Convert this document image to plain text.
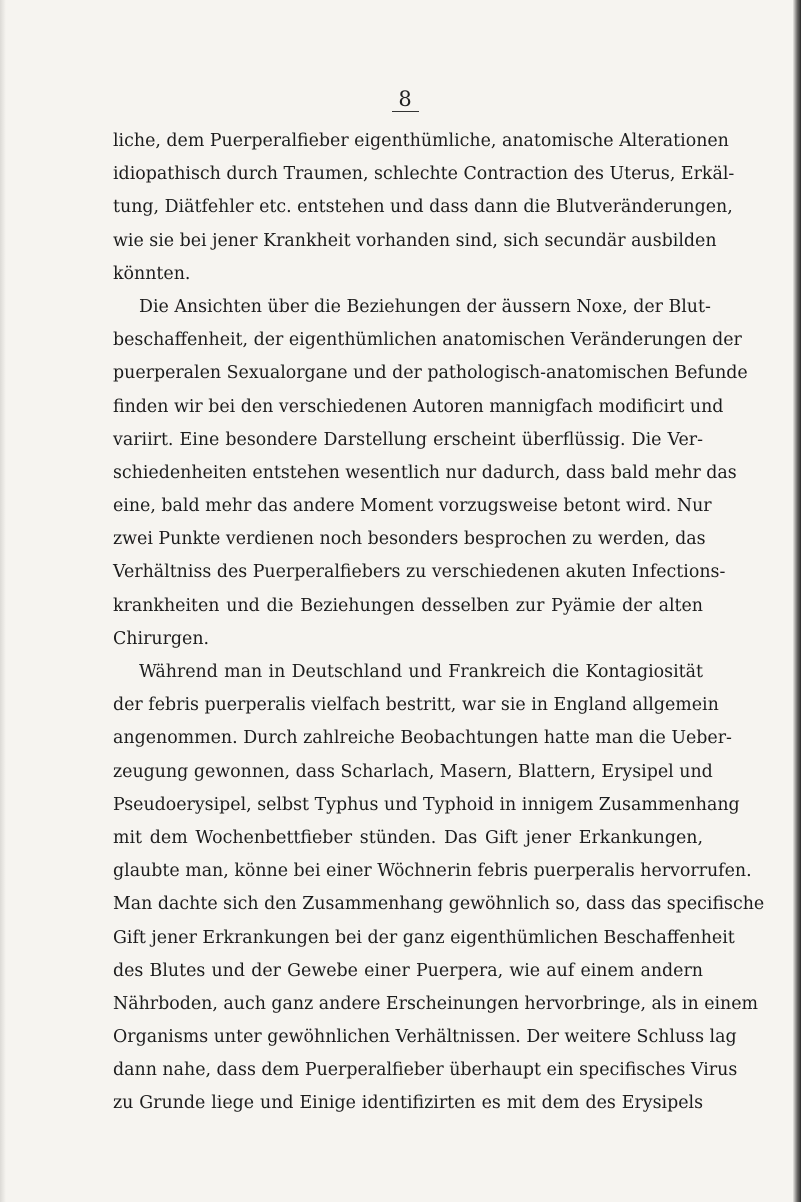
8
liche, dem Puerperalfieber eigenthümliche, anatomische Alterationen
idiopathisch durch Traumen, schlechte Contraction des Uterus, Erkäl-
tung, Diätfehler etc. entstehen und dass dann die Blutveränderungen,
wie sie bei jener Krankheit vorhanden sind, sich secundär ausbilden
könnten.
Die Ansichten über die Beziehungen der äussern Noxe, der Blut-
beschaffenheit, der eigenthümlichen anatomischen Veränderungen der
puerperalen Sexualorgane und der pathologisch-anatomischen Befunde
finden wir bei den verschiedenen Autoren mannigfach modificirt und
variirt. Eine besondere Darstellung erscheint überflüssig. Die Ver-
schiedenheiten entstehen wesentlich nur dadurch, dass bald mehr das
eine, bald mehr das andere Moment vorzugsweise betont wird. Nur
zwei Punkte verdienen noch besonders besprochen zu werden, das
Verhältniss des Puerperalfiebers zu verschiedenen akuten Infections-
krankheiten und die Beziehungen desselben zur Pyämie der alten
Chirurgen.
Während man in Deutschland und Frankreich die Kontagiosität
der febris puerperalis vielfach bestritt, war sie in England allgemein
angenommen. Durch zahlreiche Beobachtungen hatte man die Ueber-
zeugung gewonnen, dass Scharlach, Masern, Blattern, Erysipel und
Pseudoerysipel, selbst Typhus und Typhoid in innigem Zusammenhang
mit dem Wochenbettfieber stünden. Das Gift jener Erkankungen,
glaubte man, könne bei einer Wöchnerin febris puerperalis hervorrufen.
Man dachte sich den Zusammenhang gewöhnlich so, dass das specifische
Gift jener Erkrankungen bei der ganz eigenthümlichen Beschaffenheit
des Blutes und der Gewebe einer Puerpera, wie auf einem andern
Nährboden, auch ganz andere Erscheinungen hervorbringe, als in einem
Organisms unter gewöhnlichen Verhältnissen. Der weitere Schluss lag
dann nahe, dass dem Puerperalfieber überhaupt ein specifisches Virus
zu Grunde liege und Einige identifizirten es mit dem des Erysipels
